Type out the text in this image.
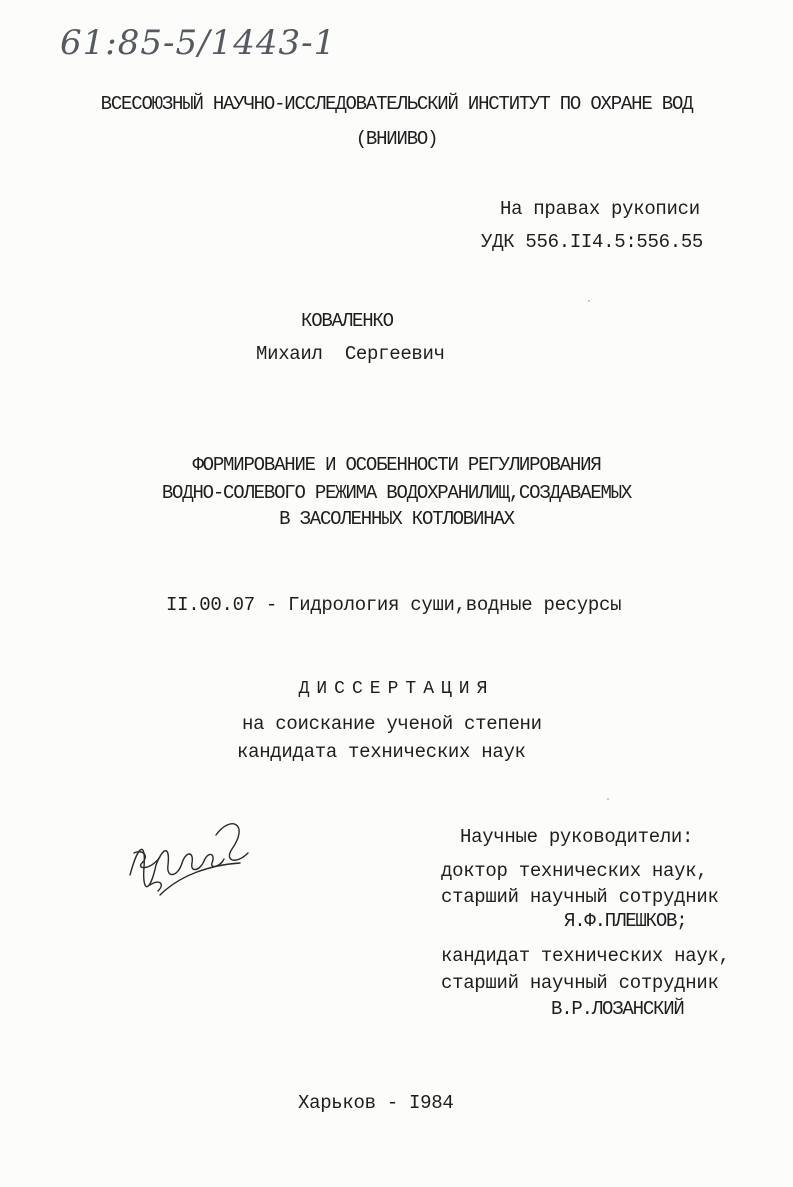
61:85-5/1443-1
ВСЕСОЮЗНЫЙ НАУЧНО-ИССЛЕДОВАТЕЛЬСКИЙ ИНСТИТУТ ПО ОХРАНЕ ВОД
(ВНИИВО)
На правах рукописи
УДК 556.II4.5:556.55
КОВАЛЕНКО
Михаил  Сергеевич
ФОРМИРОВАНИЕ И ОСОБЕННОСТИ РЕГУЛИРОВАНИЯ
ВОДНО-СОЛЕВОГО РЕЖИМА ВОДОХРАНИЛИЩ,СОЗДАВАЕМЫХ
В ЗАСОЛЕННЫХ КОТЛОВИНАХ
II.00.07 - Гидрология суши,водные ресурсы
ДИССЕРТАЦИЯ
на соискание ученой степени
кандидата технических наук
Научные руководители:
доктор технических наук,
старший научный сотрудник
Я.Ф.ПЛЕШКОВ;
кандидат технических наук,
старший научный сотрудник
В.Р.ЛОЗАНСКИЙ
Харьков - I984
